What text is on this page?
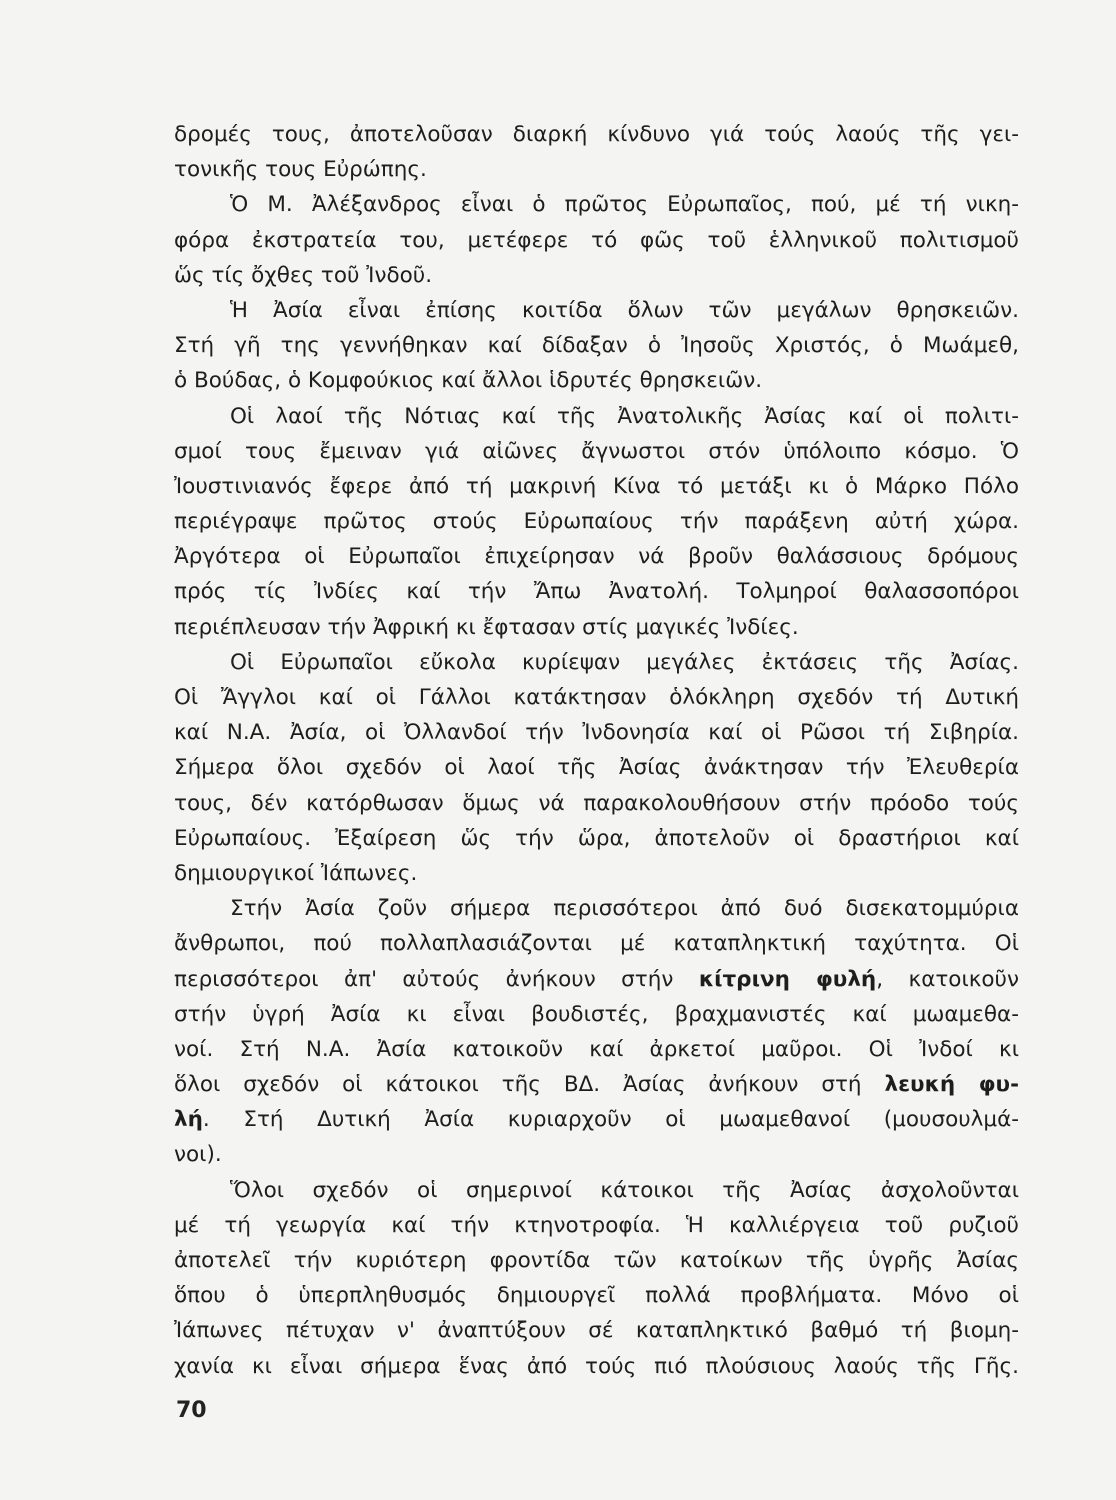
δρομές τους, ἀποτελοῦσαν διαρκή κίνδυνο γιά τούς λαούς τῆς γει-
τονικῆς τους Εὐρώπης.
Ὁ Μ. Ἀλέξανδρος εἶναι ὁ πρῶτος Εὐρωπαῖος, πού, μέ τή νικη-
φόρα ἐκστρατεία του, μετέφερε τό φῶς τοῦ ἑλληνικοῦ πολιτισμοῦ
ὥς τίς ὄχθες τοῦ Ἰνδοῦ.
Ἡ Ἀσία εἶναι ἐπίσης κοιτίδα ὅλων τῶν μεγάλων θρησκειῶν.
Στή γῆ της γεννήθηκαν καί δίδαξαν ὁ Ἰησοῦς Χριστός, ὁ Μωάμεθ,
ὁ Βούδας, ὁ Κομφούκιος καί ἄλλοι ἱδρυτές θρησκειῶν.
Οἱ λαοί τῆς Νότιας καί τῆς Ἀνατολικῆς Ἀσίας καί οἱ πολιτι-
σμοί τους ἔμειναν γιά αἰῶνες ἄγνωστοι στόν ὑπόλοιπο κόσμο. Ὁ
Ἰουστινιανός ἔφερε ἀπό τή μακρινή Κίνα τό μετάξι κι ὁ Μάρκο Πόλο
περιέγραψε πρῶτος στούς Εὐρωπαίους τήν παράξενη αὐτή χώρα.
Ἀργότερα οἱ Εὐρωπαῖοι ἐπιχείρησαν νά βροῦν θαλάσσιους δρόμους
πρός τίς Ἰνδίες καί τήν Ἄπω Ἀνατολή. Τολμηροί θαλασσοπόροι
περιέπλευσαν τήν Ἀφρική κι ἔφτασαν στίς μαγικές Ἰνδίες.
Οἱ Εὐρωπαῖοι εὔκολα κυρίεψαν μεγάλες ἐκτάσεις τῆς Ἀσίας.
Οἱ Ἄγγλοι καί οἱ Γάλλοι κατάκτησαν ὁλόκληρη σχεδόν τή Δυτική
καί Ν.Α. Ἀσία, οἱ Ὀλλανδοί τήν Ἰνδονησία καί οἱ Ρῶσοι τή Σιβηρία.
Σήμερα ὅλοι σχεδόν οἱ λαοί τῆς Ἀσίας ἀνάκτησαν τήν Ἐλευθερία
τους, δέν κατόρθωσαν ὅμως νά παρακολουθήσουν στήν πρόοδο τούς
Εὐρωπαίους. Ἐξαίρεση ὥς τήν ὥρα, ἀποτελοῦν οἱ δραστήριοι καί
δημιουργικοί Ἰάπωνες.
Στήν Ἀσία ζοῦν σήμερα περισσότεροι ἀπό δυό δισεκατομμύρια
ἄνθρωποι, πού πολλαπλασιάζονται μέ καταπληκτική ταχύτητα. Οἱ
περισσότεροι ἀπ' αὐτούς ἀνήκουν στήν κίτρινη φυλή, κατοικοῦν
στήν ὑγρή Ἀσία κι εἶναι βουδιστές, βραχμανιστές καί μωαμεθα-
νοί. Στή Ν.Α. Ἀσία κατοικοῦν καί ἀρκετοί μαῦροι. Οἱ Ἰνδοί κι
ὅλοι σχεδόν οἱ κάτοικοι τῆς ΒΔ. Ἀσίας ἀνήκουν στή λευκή φυ-
λή. Στή Δυτική Ἀσία κυριαρχοῦν οἱ μωαμεθανοί (μουσουλμά-
νοι).
Ὅλοι σχεδόν οἱ σημερινοί κάτοικοι τῆς Ἀσίας ἀσχολοῦνται
μέ τή γεωργία καί τήν κτηνοτροφία. Ἡ καλλιέργεια τοῦ ρυζιοῦ
ἀποτελεῖ τήν κυριότερη φροντίδα τῶν κατοίκων τῆς ὑγρῆς Ἀσίας
ὅπου ὁ ὑπερπληθυσμός δημιουργεῖ πολλά προβλήματα. Μόνο οἱ
Ἰάπωνες πέτυχαν ν' ἀναπτύξουν σέ καταπληκτικό βαθμό τή βιομη-
χανία κι εἶναι σήμερα ἕνας ἀπό τούς πιό πλούσιους λαούς τῆς Γῆς.
70
